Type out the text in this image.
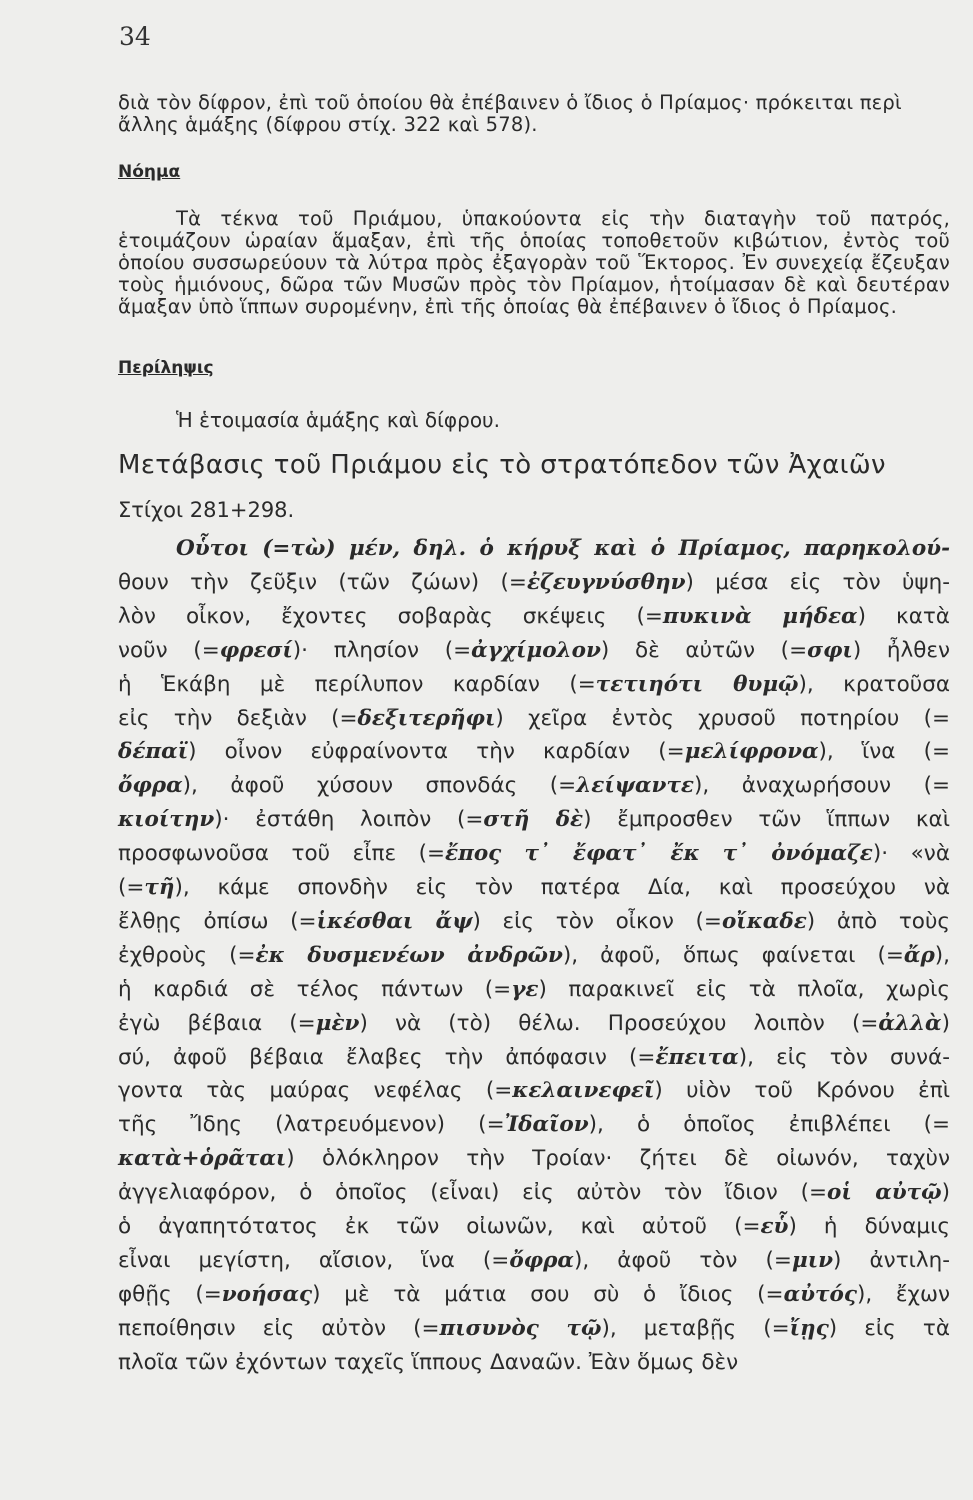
34
διὰ τὸν δίφρον, ἐπὶ τοῦ ὁποίου θὰ ἐπέβαινεν ὁ ἴδιος ὁ Πρίαμος· πρόκειται περὶ ἄλλης ἁμάξης (δίφρου στίχ. 322 καὶ 578).
Νόημα
Τὰ τέκνα τοῦ Πριάμου, ὑπακούοντα εἰς τὴν διαταγὴν τοῦ πατρός, ἑτοιμάζουν ὡραίαν ἅμαξαν, ἐπὶ τῆς ὁποίας τοποθετοῦν κιβώτιον, ἐντὸς τοῦ ὁποίου συσσωρεύουν τὰ λύτρα πρὸς ἐξαγορὰν τοῦ Ἕκτορος. Ἐν συνεχείᾳ ἔζευξαν τοὺς ἡμιόνους, δῶρα τῶν Μυσῶν πρὸς τὸν Πρίαμον, ἡτοίμασαν δὲ καὶ δευτέραν ἅμαξαν ὑπὸ ἵππων συρομένην, ἐπὶ τῆς ὁποίας θὰ ἐπέβαινεν ὁ ἴδιος ὁ Πρίαμος.
Περίληψις
Ἡ ἑτοιμασία ἁμάξης καὶ δίφρου.
Μετάβασις τοῦ Πριάμου εἰς τὸ στρατόπεδον τῶν Ἀχαιῶν
Στίχοι 281+298.
Οὗτοι (=τὼ) μέν, δηλ. ὁ κήρυξ καὶ ὁ Πρίαμος, παρηκολού-
θουν τὴν ζεῦξιν (τῶν ζώων) (=ἐζευγνύσθην) μέσα εἰς τὸν ὑψη-
λὸν οἶκον, ἔχοντες σοβαρὰς σκέψεις (=πυκινὰ μήδεα) κατὰ
νοῦν (=φρεσί)· πλησίον (=ἀγχίμολον) δὲ αὐτῶν (=σφι) ἦλθεν
ἡ Ἑκάβη μὲ περίλυπον καρδίαν (=τετιηότι θυμῷ), κρατοῦσα
εἰς τὴν δεξιὰν (=δεξιτερῆφι) χεῖρα ἐντὸς χρυσοῦ ποτηρίου (=
δέπαϊ) οἶνον εὐφραίνοντα τὴν καρδίαν (=μελίφρονα), ἵνα (=
ὄφρα), ἀφοῦ χύσουν σπονδάς (=λείψαντε), ἀναχωρήσουν (=
κιοίτην)· ἐστάθη λοιπὸν (=στῆ δὲ) ἔμπροσθεν τῶν ἵππων καὶ
προσφωνοῦσα τοῦ εἶπε (=ἔπος τ᾽ ἔφατ᾽ ἔκ τ᾽ ὀνόμαζε)· «νὰ
(=τῆ), κάμε σπονδὴν εἰς τὸν πατέρα Δία, καὶ προσεύχου νὰ
ἔλθῃς ὀπίσω (=ἱκέσθαι ἄψ) εἰς τὸν οἶκον (=οἴκαδε) ἀπὸ τοὺς
ἐχθροὺς (=ἐκ δυσμενέων ἀνδρῶν), ἀφοῦ, ὅπως φαίνεται (=ἄρ),
ἡ καρδιά σὲ τέλος πάντων (=γε) παρακινεῖ εἰς τὰ πλοῖα, χωρὶς
ἐγὼ βέβαια (=μὲν) νὰ (τὸ) θέλω. Προσεύχου λοιπὸν (=ἀλλὰ)
σύ, ἀφοῦ βέβαια ἔλαβες τὴν ἀπόφασιν (=ἔπειτα), εἰς τὸν συνά-
γοντα τὰς μαύρας νεφέλας (=κελαινεφεῖ) υἱὸν τοῦ Κρόνου ἐπὶ
τῆς Ἴδης (λατρευόμενον) (=Ἰδαῖον), ὁ ὁποῖος ἐπιβλέπει (=
κατὰ+ὁρᾶται) ὁλόκληρον τὴν Τροίαν· ζήτει δὲ οἰωνόν, ταχὺν
ἀγγελιαφόρον, ὁ ὁποῖος (εἶναι) εἰς αὐτὸν τὸν ἴδιον (=οἱ αὐτῷ)
ὁ ἀγαπητότατος ἐκ τῶν οἰωνῶν, καὶ αὐτοῦ (=εὗ) ἡ δύναμις
εἶναι μεγίστη, αἴσιον, ἵνα (=ὄφρα), ἀφοῦ τὸν (=μιν) ἀντιλη-
φθῇς (=νοήσας) μὲ τὰ μάτια σου σὺ ὁ ἴδιος (=αὐτός), ἔχων
πεποίθησιν εἰς αὐτὸν (=πισυνὸς τῷ), μεταβῇς (=ἴῃς) εἰς τὰ
πλοῖα τῶν ἐχόντων ταχεῖς ἵππους Δαναῶν. Ἐὰν ὅμως δὲν
